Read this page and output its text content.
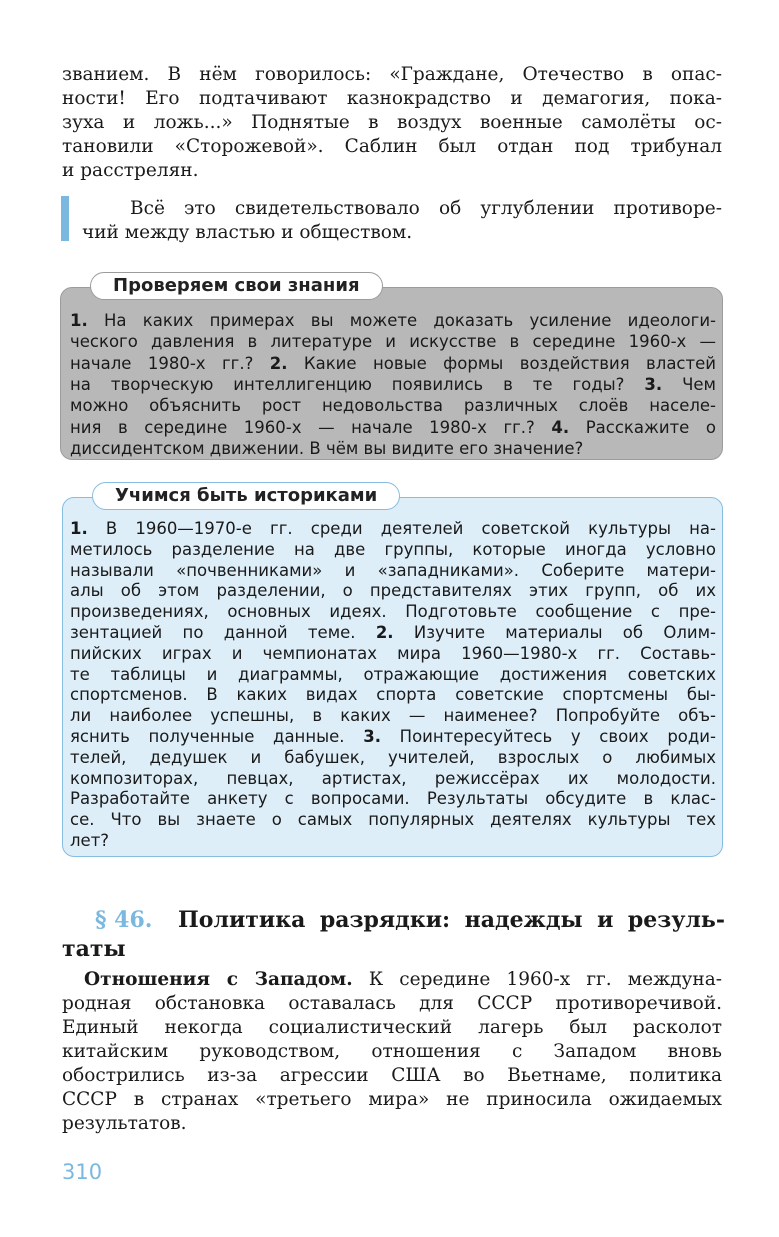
званием. В нём говорилось: «Граждане, Отечество в опас-
ности! Его подтачивают казнокрадство и демагогия, пока-
зуха и ложь...» Поднятые в воздух военные самолёты ос-
тановили «Сторожевой». Саблин был отдан под трибунал
и расстрелян.
Всё это свидетельствовало об углублении противоре-
чий между властью и обществом.
Проверяем свои знания
1. На каких примерах вы можете доказать усиление идеологи-
ческого давления в литературе и искусстве в середине 1960-х —
начале 1980-х гг.? 2. Какие новые формы воздействия властей
на творческую интеллигенцию появились в те годы? 3. Чем
можно объяснить рост недовольства различных слоёв населе-
ния в середине 1960-х — начале 1980-х гг.? 4. Расскажите о
диссидентском движении. В чём вы видите его значение?
Учимся быть историками
1. В 1960—1970-е гг. среди деятелей советской культуры на-
метилось разделение на две группы, которые иногда условно
называли «почвенниками» и «западниками». Соберите матери-
алы об этом разделении, о представителях этих групп, об их
произведениях, основных идеях. Подготовьте сообщение с пре-
зентацией по данной теме. 2. Изучите материалы об Олим-
пийских играх и чемпионатах мира 1960—1980-х гг. Составь-
те таблицы и диаграммы, отражающие достижения советских
спортсменов. В каких видах спорта советские спортсмены бы-
ли наиболее успешны, в каких — наименее? Попробуйте объ-
яснить полученные данные. 3. Поинтересуйтесь у своих роди-
телей, дедушек и бабушек, учителей, взрослых о любимых
композиторах, певцах, артистах, режиссёрах их молодости.
Разработайте анкету с вопросами. Результаты обсудите в клас-
се. Что вы знаете о самых популярных деятелях культуры тех
лет?
§ 46. Политика разрядки: надежды и резуль-
таты
Отношения с Западом. К середине 1960-х гг. междуна-
родная обстановка оставалась для СССР противоречивой.
Единый некогда социалистический лагерь был расколот
китайским руководством, отношения с Западом вновь
обострились из-за агрессии США во Вьетнаме, политика
СССР в странах «третьего мира» не приносила ожидаемых
результатов.
310
